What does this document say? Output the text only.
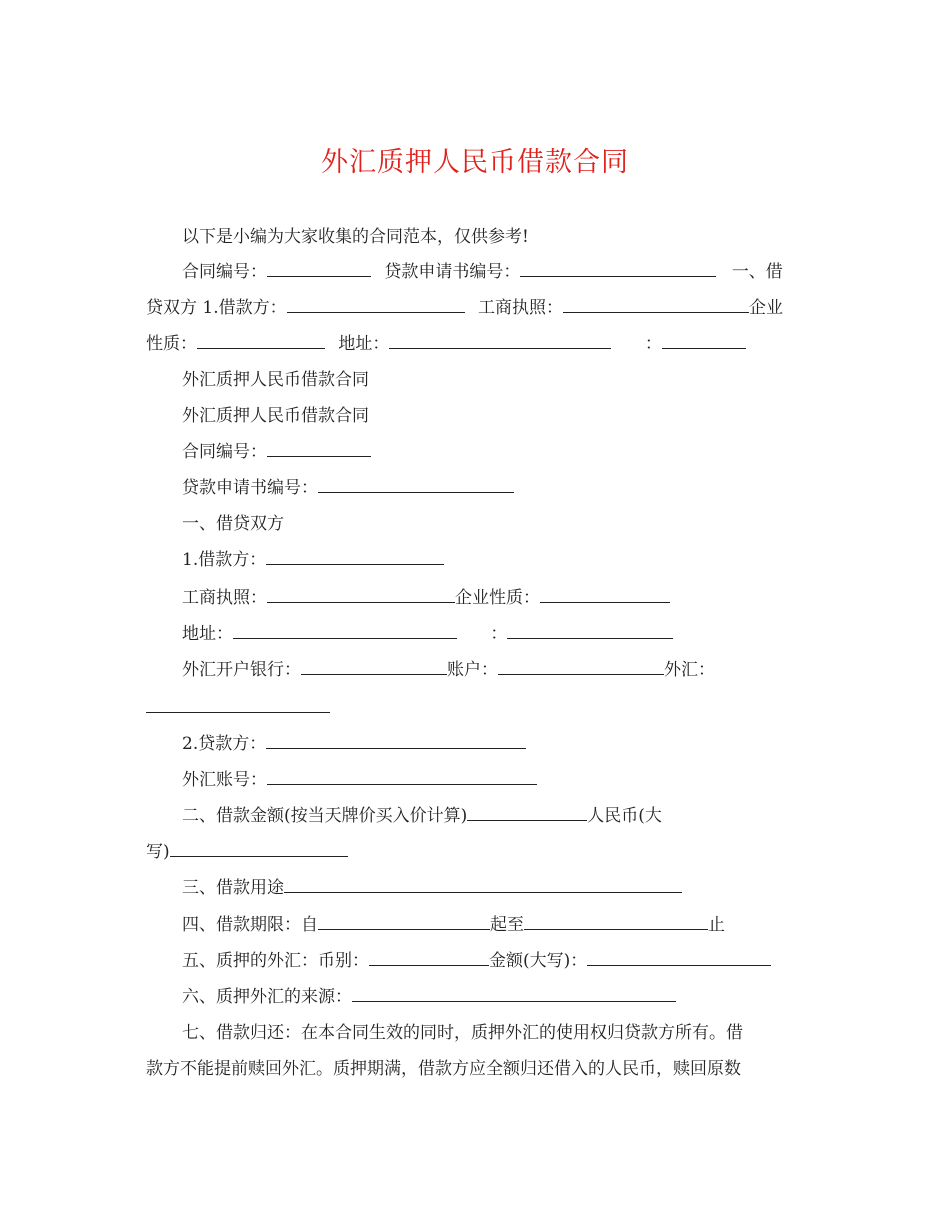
外汇质押人民币借款合同
以下是小编为大家收集的合同范本，仅供参考!
合同编号：	贷款申请书编号：	一、借
贷双方 1.借款方：	工商执照：	企业
性质：	地址：	：
外汇质押人民币借款合同
外汇质押人民币借款合同
合同编号：
贷款申请书编号：
一、借贷双方
1.借款方：
工商执照：	企业性质：
地址：	：
外汇开户银行：	账户：	外汇：
2.贷款方：
外汇账号：
二、借款金额(按当天牌价买入价计算)	人民币(大
写)
三、借款用途
四、借款期限：自	起至	止
五、质押的外汇：币别：	金额(大写)：
六、质押外汇的来源：
七、借款归还：在本合同生效的同时，质押外汇的使用权归贷款方所有。借
款方不能提前赎回外汇。质押期满，借款方应全额归还借入的人民币，赎回原数
